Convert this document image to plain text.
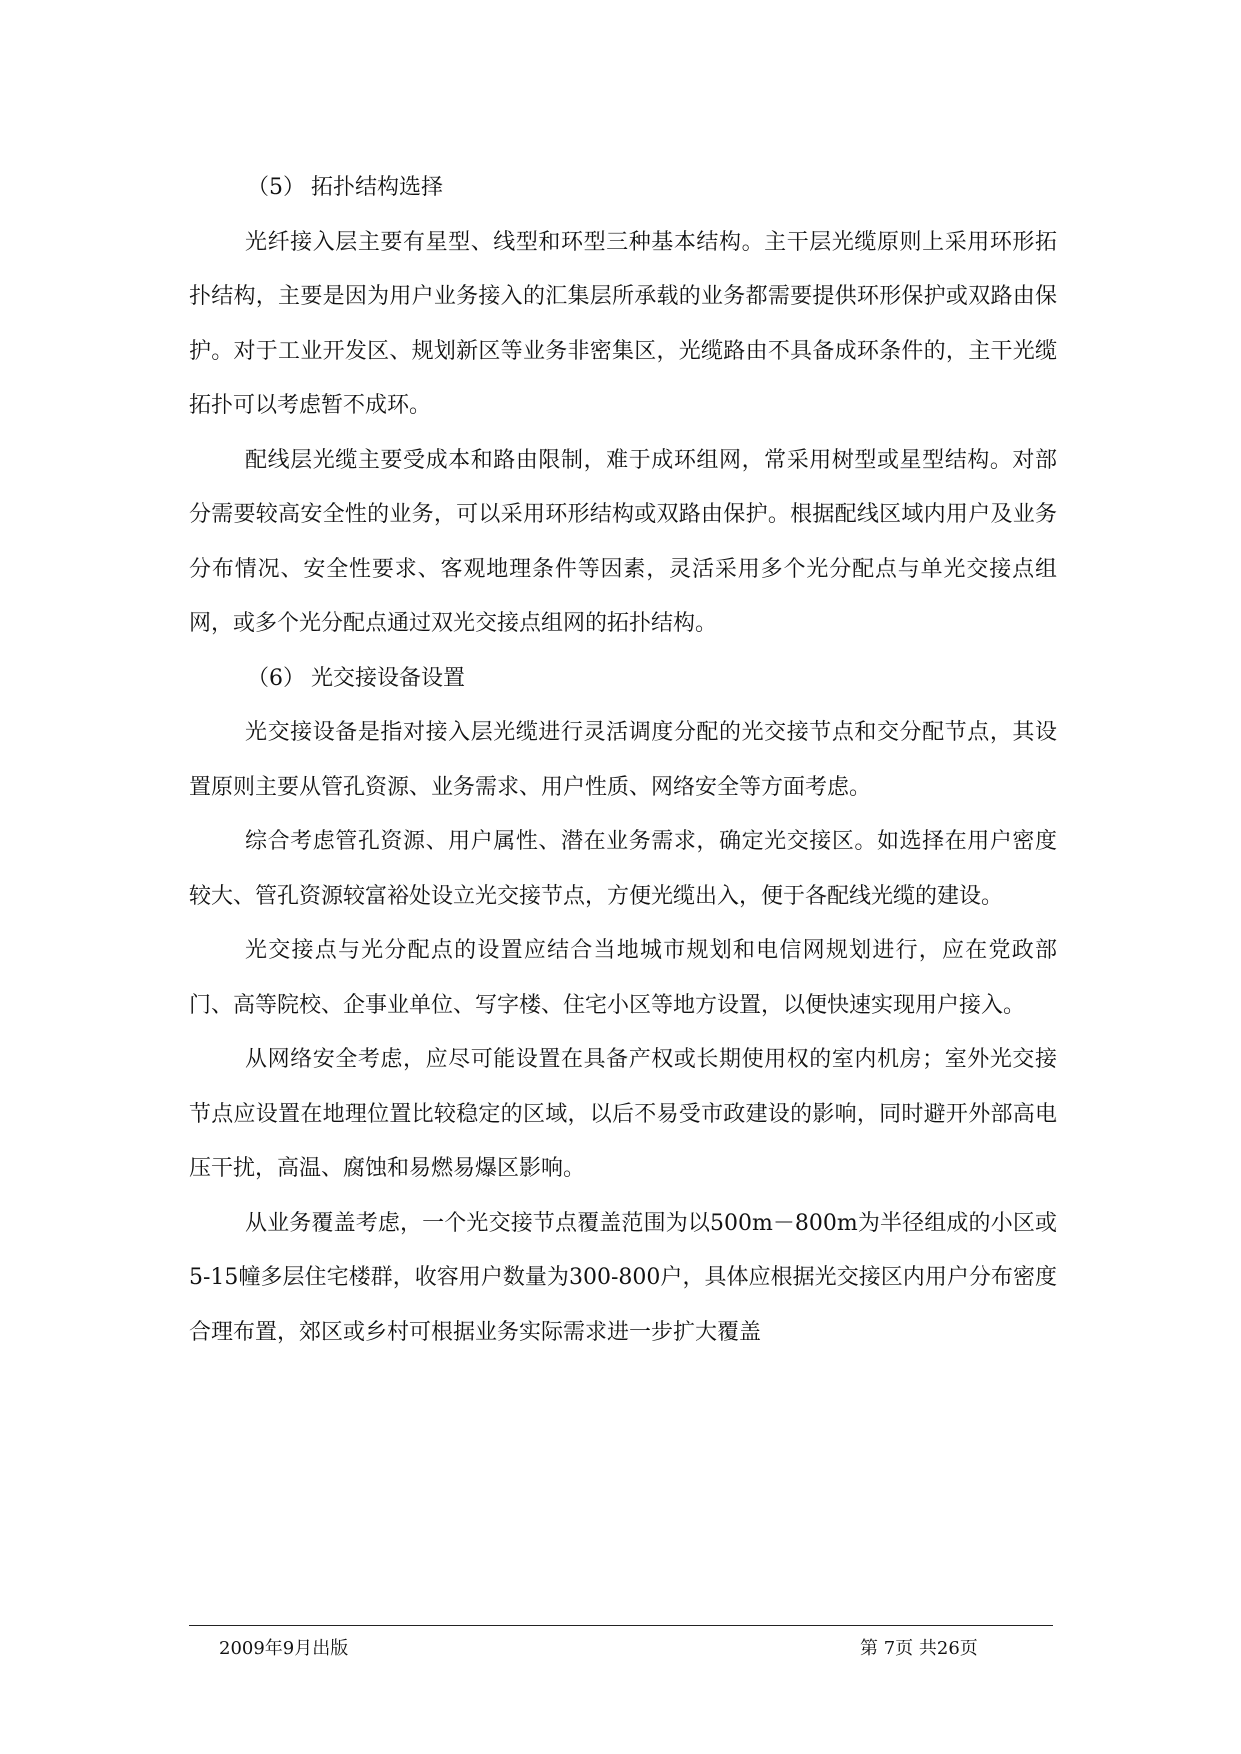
（5） 拓扑结构选择

光纤接入层主要有星型、线型和环型三种基本结构。主干层光缆原则上采用环形拓扑结构，主要是因为用户业务接入的汇集层所承载的业务都需要提供环形保护或双路由保护。对于工业开发区、规划新区等业务非密集区，光缆路由不具备成环条件的，主干光缆拓扑可以考虑暂不成环。

配线层光缆主要受成本和路由限制，难于成环组网，常采用树型或星型结构。对部分需要较高安全性的业务，可以采用环形结构或双路由保护。根据配线区域内用户及业务分布情况、安全性要求、客观地理条件等因素，灵活采用多个光分配点与单光交接点组网，或多个光分配点通过双光交接点组网的拓扑结构。

（6） 光交接设备设置

光交接设备是指对接入层光缆进行灵活调度分配的光交接节点和交分配节点，其设置原则主要从管孔资源、业务需求、用户性质、网络安全等方面考虑。

综合考虑管孔资源、用户属性、潜在业务需求，确定光交接区。如选择在用户密度较大、管孔资源较富裕处设立光交接节点，方便光缆出入，便于各配线光缆的建设。

光交接点与光分配点的设置应结合当地城市规划和电信网规划进行，应在党政部门、高等院校、企事业单位、写字楼、住宅小区等地方设置，以便快速实现用户接入。

从网络安全考虑，应尽可能设置在具备产权或长期使用权的室内机房；室外光交接节点应设置在地理位置比较稳定的区域，以后不易受市政建设的影响，同时避开外部高电压干扰，高温、腐蚀和易燃易爆区影响。

从业务覆盖考虑，一个光交接节点覆盖范围为以500m－800m为半径组成的小区或5-15幢多层住宅楼群，收容用户数量为300-800户，具体应根据光交接区内用户分布密度合理布置，郊区或乡村可根据业务实际需求进一步扩大覆盖

2009年9月出版	第 7页 共26页
